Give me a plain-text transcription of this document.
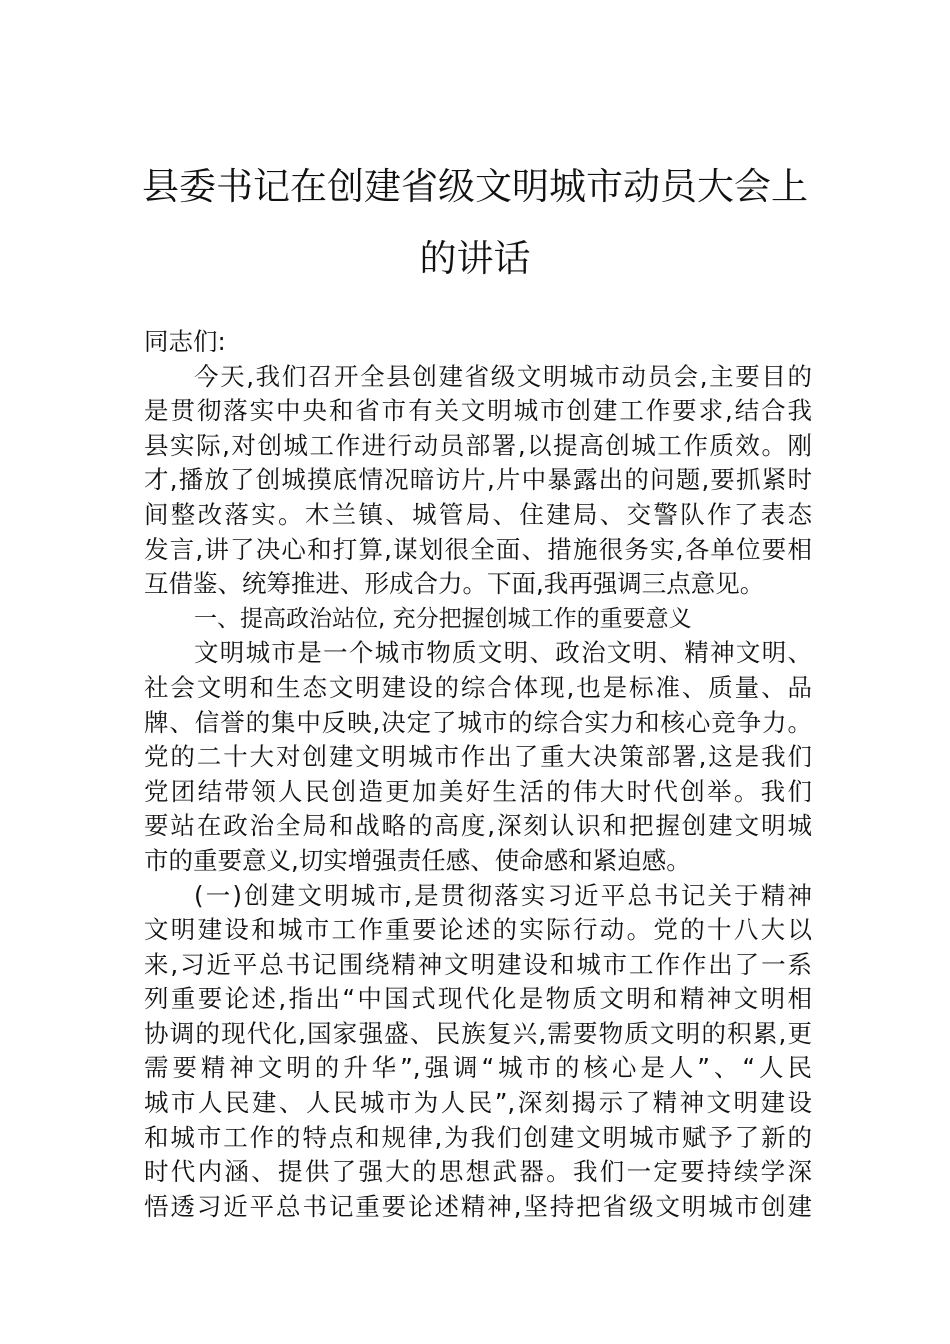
县委书记在创建省级文明城市动员大会上
的讲话
同志们:
今天,我们召开全县创建省级文明城市动员会,主要目的
是贯彻落实中央和省市有关文明城市创建工作要求,结合我
县实际,对创城工作进行动员部署,以提高创城工作质效。刚
才,播放了创城摸底情况暗访片,片中暴露出的问题,要抓紧时
间整改落实。木兰镇、城管局、住建局、交警队作了表态
发言,讲了决心和打算,谋划很全面、措施很务实,各单位要相
互借鉴、统筹推进、形成合力。下面,我再强调三点意见。
一、提高政治站位, 充分把握创城工作的重要意义
文明城市是一个城市物质文明、政治文明、精神文明、
社会文明和生态文明建设的综合体现,也是标准、质量、品
牌、信誉的集中反映,决定了城市的综合实力和核心竞争力。
党的二十大对创建文明城市作出了重大决策部署,这是我们
党团结带领人民创造更加美好生活的伟大时代创举。我们
要站在政治全局和战略的高度,深刻认识和把握创建文明城
市的重要意义,切实增强责任感、使命感和紧迫感。
(一)创建文明城市,是贯彻落实习近平总书记关于精神
文明建设和城市工作重要论述的实际行动。党的十八大以
来,习近平总书记围绕精神文明建设和城市工作作出了一系
列重要论述,指出“中国式现代化是物质文明和精神文明相
协调的现代化,国家强盛、民族复兴,需要物质文明的积累,更
需要精神文明的升华”,强调“城市的核心是人”、“人民
城市人民建、人民城市为人民”,深刻揭示了精神文明建设
和城市工作的特点和规律,为我们创建文明城市赋予了新的
时代内涵、提供了强大的思想武器。我们一定要持续学深
悟透习近平总书记重要论述精神,坚持把省级文明城市创建
